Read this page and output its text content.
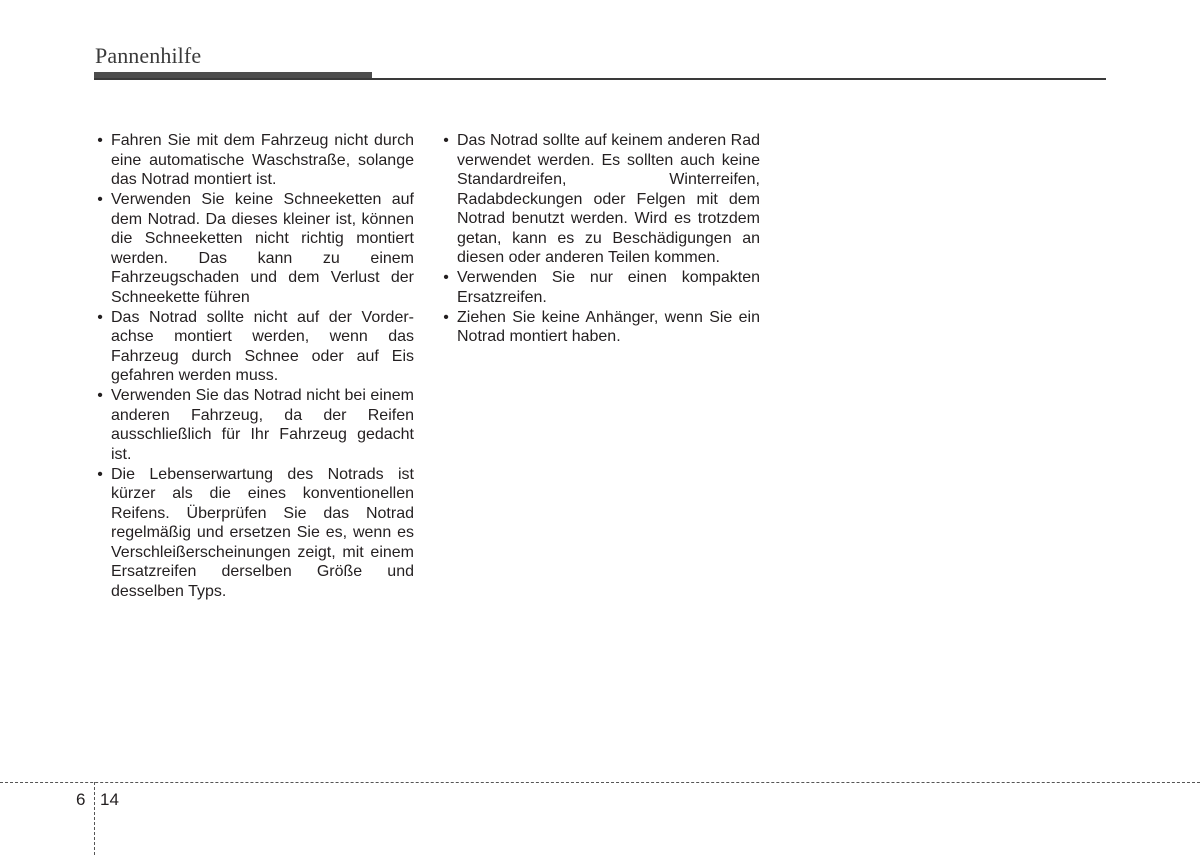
Pannenhilfe
• Fahren Sie mit dem Fahrzeug nicht durch eine automatische Waschstraße, solange das Notrad montiert ist.
• Verwenden Sie keine Schneeketten auf dem Notrad. Da dieses kleiner ist, können die Schneeketten nicht richtig montiert werden. Das kann zu einem Fahrzeugschaden und dem Verlust der Schneekette führen
• Das Notrad sollte nicht auf der Vorderachse montiert werden, wenn das Fahrzeug durch Schnee oder auf Eis gefahren werden muss.
• Verwenden Sie das Notrad nicht bei einem anderen Fahrzeug, da der Reifen ausschließlich für Ihr Fahrzeug gedacht ist.
• Die Lebenserwartung des Notrads ist kürzer als die eines konventionellen Reifens. Überprüfen Sie das Notrad regelmäßig und ersetzen Sie es, wenn es Verschleißerscheinungen zeigt, mit einem Ersatzreifen derselben Größe und desselben Typs.
• Das Notrad sollte auf keinem anderen Rad verwendet werden. Es sollten auch keine Standardreifen, Winterreifen, Radabdeckungen oder Felgen mit dem Notrad benutzt werden. Wird es trotzdem getan, kann es zu Beschädigungen an diesen oder anderen Teilen kommen.
• Verwenden Sie nur einen kompakten Ersatzreifen.
• Ziehen Sie keine Anhänger, wenn Sie ein Notrad montiert haben.
6 14
